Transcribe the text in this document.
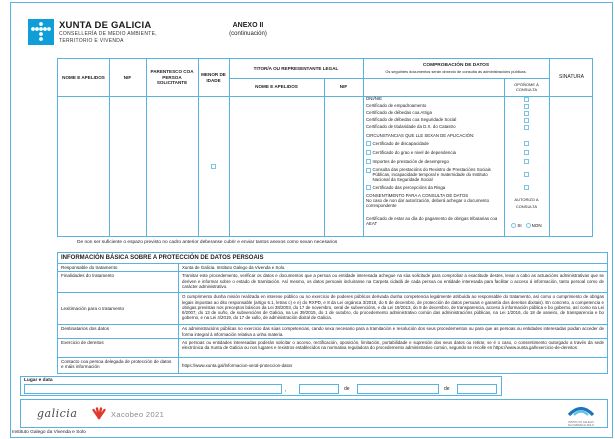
XUNTA DE GALICIA
CONSELLERÍA DE MEDIO AMBIENTE,
TERRITORIO E VIVENDA
ANEXO II
(continuación)
NOME E APELIDOS	NIF
PARENTESCO COA PERSOA SOLICITANTE
MENOR DE IDADE
TITOR/A OU REPRESENTANTE LEGAL
NOME E APELIDOS	NIF
COMPROBACIÓN DE DATOS
Os seguintes documentos serán obxecto de consulta ás administracións públicas.
OPÓÑOME Á
CONSULTA
SINATURA
DNI/NIE
Certificado de empadroamento
Certificado de débedas coa Atriga
Certificado de débedas coa Seguridade Social
Certificado de titularidade da D.X. do Catastro
CIRCUNSTANCIAS QUE LLE SEXAN DE APLICACIÓN:
Certificado de discapacidade
Certificado do grao e nivel de dependencia
Importes de prestación de desemprego
Consulta das prestacións do Rexistro de Prestacións Sociais Públicas, incapacidade temporal e maternidade do Instituto Nacional da Seguridade Social
Certificado das percepcións da Risga
CONSENTIMENTO PARA A CONSULTA DE DATOS
No caso de non dar autorización, deberá achegar o documento correspondente
AUTORIZO A
CONSULTA
Certificado de estar ao día do pagamento de obrigas tributarias coa AEAT	SI NON
De non ser suficiente o espazo previsto no cadro anterior deberanse cubrir e enviar tantos anexos como sexan necesarios
INFORMACIÓN BÁSICA SOBRE A PROTECCIÓN DE DATOS PERSOAIS
Responsable do tratamento	Xunta de Galicia. Instituto Galego da Vivenda e Solo.
Finalidades do tratamento	Tramitar este procedemento, verificar os datos e documentos que a persoa ou entidade interesada achegue na súa solicitude para comprobar a exactitude destes, levar a cabo as actuacións administrativas que se deriven e informar sobre o estado de tramitación. Así mesmo, os datos persoais incluiranse na Carpeta cidadá de cada persoa ou entidade interesada para facilitar o acceso á información, tanto persoal como de carácter administrativo.
Lexitimación para o tratamento
O cumprimento dunha misión realizada en interese público ou no exercicio de poderes públicos derivada dunha competencia legalmente atribuída ao responsable do tratamento, así como o cumprimento de obrigas legais impostas ao dito responsable (artigo 6.1, letras c) e e) do RXPD, e 8 da Lei orgánica 3/2018, do 5 de decembro, de protección de datos persoais e garantía dos dereitos dixitais). En concreto, a competencia e obrigas previstas nos preceptos básicos da Lei 38/2003, do 17 de novembro, xeral de subvencións, e da Lei 19/2013, do 9 de decembro, de transparencia, acceso á información pública e bo goberno, así como na Lei 9/2007, do 13 de xuño, de subvencións de Galicia, na Lei 39/2015, do 1 de outubro, do procedemento administrativo común das administracións públicas, na Lei 1/2016, do 18 de xaneiro, de transparencia e bo goberno, e na Lei 4/2019, do 17 de xullo, de administración dixital de Galicia.
Destinatarios dos datos	As administracións públicas no exercicio das súas competencias, cando sexa necesario para a tramitación e resolución dos seus procedementos ou para que as persoas ou entidades interesadas poidan acceder de forma integral á información relativa a unha materia.
Exercicio de dereitos	As persoas ou entidades interesadas poderán solicitar o acceso, rectificación, oposición, limitación, portabilidade e supresión dos seus datos ou retirar, se é o caso, o consentimento outorgado a través da sede electrónica da Xunta de Galicia ou nos lugares e rexistros establecidos na normativa reguladora do procedemento administrativo común, segundo se recolle en https://www.xunta.gal/exercicio-de-dereitos
Contacto coa persoa delegada de protección de datos e máis información	https://www.xunta.gal/informacion-xeral-proteccion-datos
Lugar e data
,	de	de
galicia	Xacobeo 2021
INSTITUTO GALEGO
DA VIVENDA E SOLO
Instituto Galego da Vivenda e Solo
